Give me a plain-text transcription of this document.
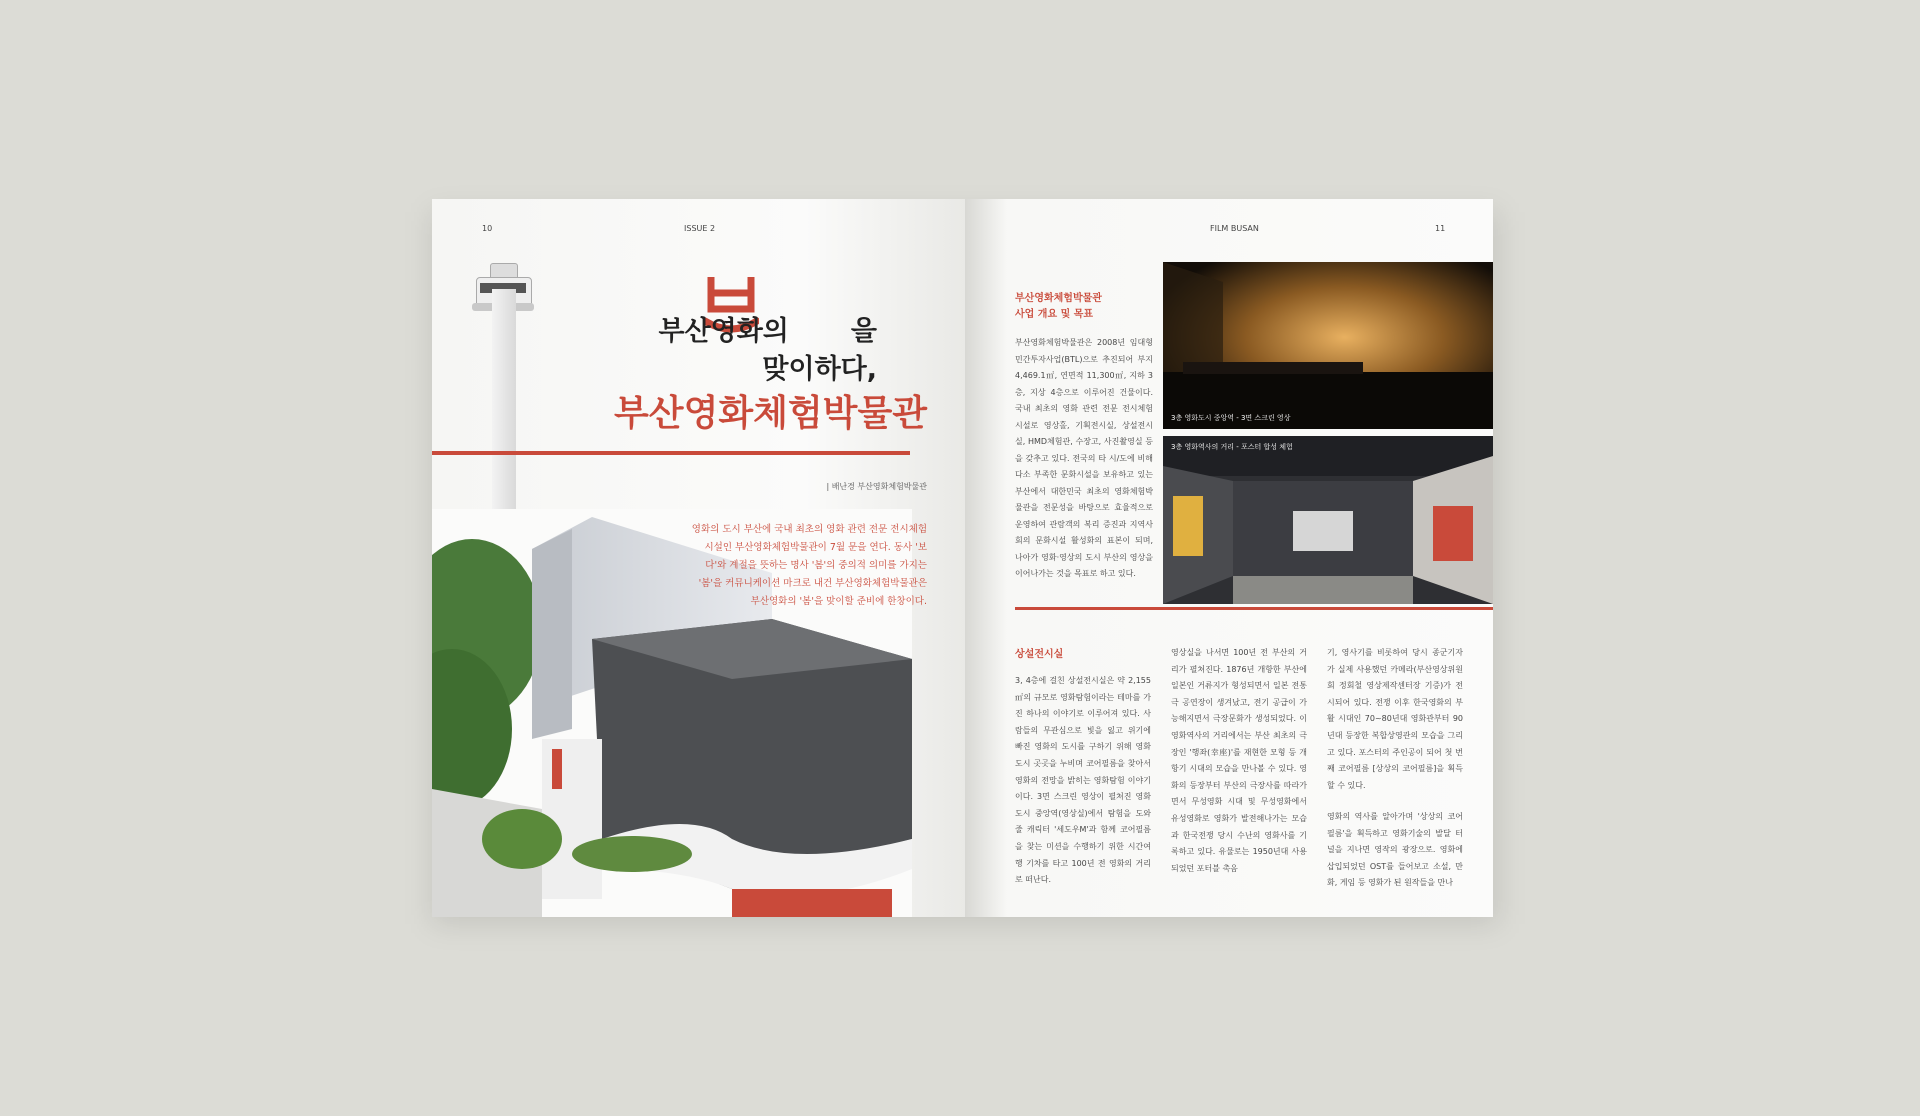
10	ISSUE 2
부산영화의 을
맞이하다,
부산영화체험박물관
| 배난경 부산영화체험박물관
영화의 도시 부산에 국내 최초의 영화 관련 전문 전시체험 시설인 부산영화체험박물관이 7월 문을 연다. 동사 '보다'와 계절을 뜻하는 명사 '봄'의 중의적 의미를 가지는 '봄'을 커뮤니케이션 마크로 내건 부산영화체험박물관은 부산영화의 '봄'을 맞이할 준비에 한창이다.
FILM BUSAN	11
부산영화체험박물관
사업 개요 및 목표
부산영화체험박물관은 2008년 임대형 민간투자사업(BTL)으로 추진되어 부지 4,469.1㎡, 연면적 11,300㎡, 지하 3층, 지상 4층으로 이루어진 건물이다. 국내 최초의 영화 관련 전문 전시체험 시설로 영상홀, 기획전시실, 상설전시실, HMD체험관, 수장고, 사진촬영실 등을 갖추고 있다. 전국의 타 시/도에 비해 다소 부족한 문화시설을 보유하고 있는 부산에서 대한민국 최초의 영화체험박물관을 전문성을 바탕으로 효율적으로 운영하여 관람객의 복리 증진과 지역사회의 문화시설 활성화의 표본이 되며, 나아가 영화·영상의 도시 부산의 영상을 이어나가는 것을 목표로 하고 있다.
3층 영화도시 중앙역 - 3면 스크린 영상
3층 영화역사의 거리 - 포스터 합성 체험
상설전시실
3, 4층에 걸친 상설전시실은 약 2,155㎡의 규모로 영화탐험이라는 테마를 가진 하나의 이야기로 이루어져 있다. 사람들의 무관심으로 빛을 잃고 위기에 빠진 영화의 도시를 구하기 위해 영화도시 곳곳을 누비며 코어필름을 찾아서 영화의 전망을 밝히는 영화탐험 이야기이다. 3면 스크린 영상이 펼쳐진 영화도시 중앙역(영상실)에서 탐험을 도와줄 캐릭터 '세도우M'과 함께 코어필름을 찾는 미션을 수행하기 위한 시간여행 기차를 타고 100년 전 영화의 거리로 떠난다.
영상실을 나서면 100년 전 부산의 거리가 펼쳐진다. 1876년 개항한 부산에 일본인 거류지가 형성되면서 일본 전통극 공연장이 생겨났고, 전기 공급이 가능해지면서 극장문화가 생성되었다. 이 영화역사의 거리에서는 부산 최초의 극장인 '행좌(幸座)'를 재현한 모형 등 개항기 시대의 모습을 만나볼 수 있다. 영화의 등장부터 부산의 극장사를 따라가면서 무성영화 시대 및 무성영화에서 유성영화로 영화가 발전해나가는 모습과 한국전쟁 당시 수난의 영화사를 기록하고 있다. 유물로는 1950년대 사용되었던 포터블 촉음
기, 영사기를 비롯하여 당시 종군기자가 실제 사용했던 카메라(부산영상위원회 정회철 영상제작센터장 기증)가 전시되어 있다. 전쟁 이후 한국영화의 부활 시대인 70~80년대 영화관부터 90년대 등장한 복합상영관의 모습을 그리고 있다. 포스터의 주인공이 되어 첫 번째 코어필름 [상상의 코어필름]을 획득할 수 있다.
영화의 역사를 알아가며 '상상의 코어필름'을 획득하고 영화기술의 발달 터널을 지나면 영작의 광장으로. 영화에 삽입되었던 OST를 들어보고 소설, 만화, 게임 등 영화가 된 원작들을 만나
